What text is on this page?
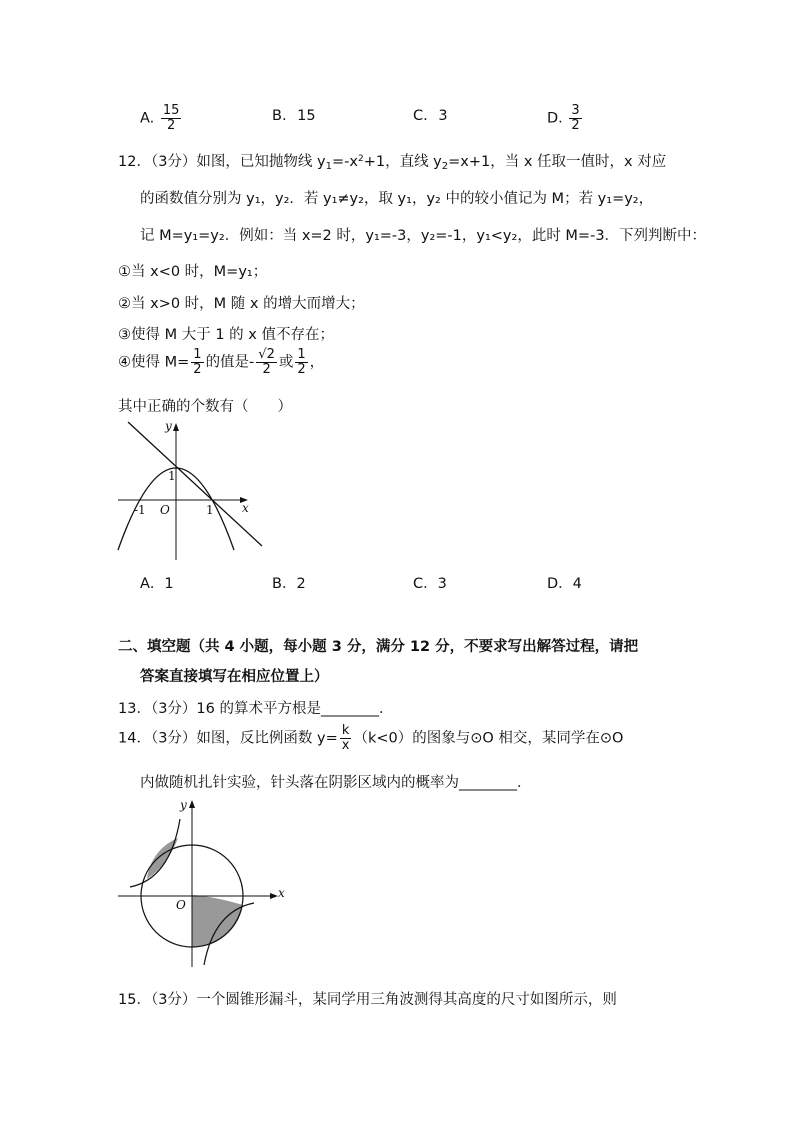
A. $\frac{15}{2}$	B. 15	C. 3	D. $\frac{3}{2}$
12．（3分）如图，已知抛物线 $y_1=-x^2+1$，直线 $y_2=x+1$，当 x 任取一值时，x 对应
的函数值分别为 y₁，y₂．若 y₁≠y₂，取 y₁，y₂ 中的较小值记为 M；若 y₁=y₂，
记 M=y₁=y₂．例如：当 x=2 时，y₁=-3，y₂=-1，y₁<y₂，此时 M=-3．下列判断中：
①当 x<0 时，M=y₁；
②当 x>0 时，M 随 x 的增大而增大；
③使得 M 大于 1 的 x 值不存在；
④使得 $M= \frac{1}{2}$ 的值是- $\frac{√2}{2}$ 或 $\frac{1}{2}$ ，
其中正确的个数有（　　）
y
x
O
1
-1	1
A．1	B．2	C．3	D．4
二、填空题（共 4 小题，每小题 3 分，满分 12 分，不要求写出解答过程，请把
答案直接填写在相应位置上）
13．（3分）16 的算术平方根是________．
14．（3分）如图，反比例函数 $y= \frac{k}{x} (k<0)$的图象与⊙O 相交，某同学在⊙O
内做随机扎针实验，针头落在阴影区域内的概率为________．
y
x
O
15．（3分）一个圆锥形漏斗，某同学用三角波测得其高度的尺寸如图所示，则
